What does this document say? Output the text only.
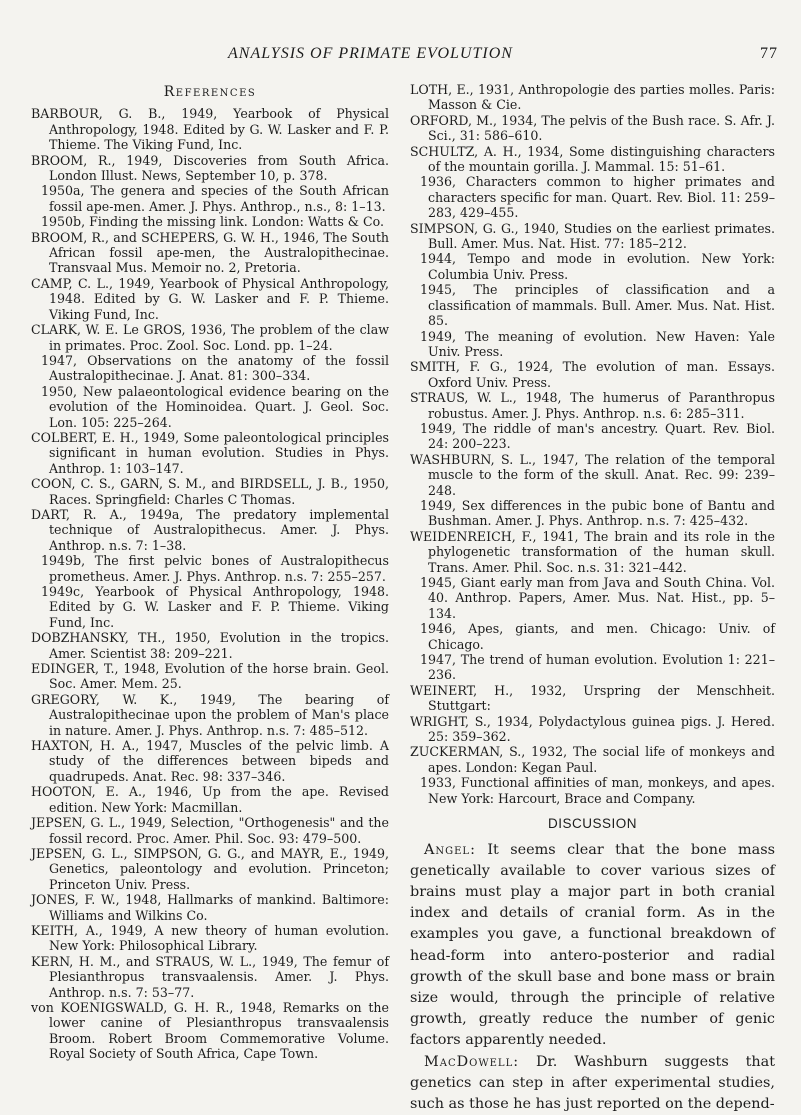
ANALYSIS OF PRIMATE EVOLUTION	77
References

BARBOUR, G. B., 1949, Yearbook of Physical Anthropology, 1948. Edited by G. W. Lasker and F. P. Thieme. The Viking Fund, Inc.

BROOM, R., 1949, Discoveries from South Africa. London Illust. News, September 10, p. 378.

1950a, The genera and species of the South African fossil ape-men. Amer. J. Phys. Anthrop., n.s., 8: 1–13.

1950b, Finding the missing link. London: Watts & Co.

BROOM, R., and SCHEPERS, G. W. H., 1946, The South African fossil ape-men, the Australopithecinae. Transvaal Mus. Memoir no. 2, Pretoria.

CAMP, C. L., 1949, Yearbook of Physical Anthropology, 1948. Edited by G. W. Lasker and F. P. Thieme. Viking Fund, Inc.

CLARK, W. E. Le GROS, 1936, The problem of the claw in primates. Proc. Zool. Soc. Lond. pp. 1–24.

1947, Observations on the anatomy of the fossil Australopithecinae. J. Anat. 81: 300–334.

1950, New palaeontological evidence bearing on the evolution of the Hominoidea. Quart. J. Geol. Soc. Lon. 105: 225–264.

COLBERT, E. H., 1949, Some paleontological principles significant in human evolution. Studies in Phys. Anthrop. 1: 103–147.

COON, C. S., GARN, S. M., and BIRDSELL, J. B., 1950, Races. Springfield: Charles C Thomas.

DART, R. A., 1949a, The predatory implemental technique of Australopithecus. Amer. J. Phys. Anthrop. n.s. 7: 1–38.

1949b, The first pelvic bones of Australopithecus prometheus. Amer. J. Phys. Anthrop. n.s. 7: 255–257.

1949c, Yearbook of Physical Anthropology, 1948. Edited by G. W. Lasker and F. P. Thieme. Viking Fund, Inc.

DOBZHANSKY, TH., 1950, Evolution in the tropics. Amer. Scientist 38: 209–221.

EDINGER, T., 1948, Evolution of the horse brain. Geol. Soc. Amer. Mem. 25.

GREGORY, W. K., 1949, The bearing of Australopithecinae upon the problem of Man's place in nature. Amer. J. Phys. Anthrop. n.s. 7: 485–512.

HAXTON, H. A., 1947, Muscles of the pelvic limb. A study of the differences between bipeds and quadrupeds. Anat. Rec. 98: 337–346.

HOOTON, E. A., 1946, Up from the ape. Revised edition. New York: Macmillan.

JEPSEN, G. L., 1949, Selection, "Orthogenesis" and the fossil record. Proc. Amer. Phil. Soc. 93: 479–500.

JEPSEN, G. L., SIMPSON, G. G., and MAYR, E., 1949, Genetics, paleontology and evolution. Princeton; Princeton Univ. Press.

JONES, F. W., 1948, Hallmarks of mankind. Baltimore: Williams and Wilkins Co.

KEITH, A., 1949, A new theory of human evolution. New York: Philosophical Library.

KERN, H. M., and STRAUS, W. L., 1949, The femur of Plesianthropus transvaalensis. Amer. J. Phys. Anthrop. n.s. 7: 53–77.

von KOENIGSWALD, G. H. R., 1948, Remarks on the lower canine of Plesianthropus transvaalensis Broom. Robert Broom Commemorative Volume. Royal Society of South Africa, Cape Town.

LOTH, E., 1931, Anthropologie des parties molles. Paris: Masson & Cie.

ORFORD, M., 1934, The pelvis of the Bush race. S. Afr. J. Sci., 31: 586–610.

SCHULTZ, A. H., 1934, Some distinguishing characters of the mountain gorilla. J. Mammal. 15: 51–61.

1936, Characters common to higher primates and characters specific for man. Quart. Rev. Biol. 11: 259–283, 429–455.

SIMPSON, G. G., 1940, Studies on the earliest primates. Bull. Amer. Mus. Nat. Hist. 77: 185–212.

1944, Tempo and mode in evolution. New York: Columbia Univ. Press.

1945, The principles of classification and a classification of mammals. Bull. Amer. Mus. Nat. Hist. 85.

1949, The meaning of evolution. New Haven: Yale Univ. Press.

SMITH, F. G., 1924, The evolution of man. Essays. Oxford Univ. Press.

STRAUS, W. L., 1948, The humerus of Paranthropus robustus. Amer. J. Phys. Anthrop. n.s. 6: 285–311.

1949, The riddle of man's ancestry. Quart. Rev. Biol. 24: 200–223.

WASHBURN, S. L., 1947, The relation of the temporal muscle to the form of the skull. Anat. Rec. 99: 239–248.

1949, Sex differences in the pubic bone of Bantu and Bushman. Amer. J. Phys. Anthrop. n.s. 7: 425–432.

WEIDENREICH, F., 1941, The brain and its role in the phylogenetic transformation of the human skull. Trans. Amer. Phil. Soc. n.s. 31: 321–442.

1945, Giant early man from Java and South China. Vol. 40. Anthrop. Papers, Amer. Mus. Nat. Hist., pp. 5–134.

1946, Apes, giants, and men. Chicago: Univ. of Chicago.

1947, The trend of human evolution. Evolution 1: 221–236.

WEINERT, H., 1932, Urspring der Menschheit. Stuttgart:

WRIGHT, S., 1934, Polydactylous guinea pigs. J. Hered. 25: 359–362.

ZUCKERMAN, S., 1932, The social life of monkeys and apes. London: Kegan Paul.

1933, Functional affinities of man, monkeys, and apes. New York: Harcourt, Brace and Company.

DISCUSSION

Angel: It seems clear that the bone mass genetically available to cover various sizes of brains must play a major part in both cranial index and details of cranial form. As in the examples you gave, a functional breakdown of head-form into antero-posterior and radial growth of the skull base and bone mass or brain size would, through the principle of relative growth, greatly reduce the number of genic factors apparently needed.

MacDowell: Dr. Washburn suggests that genetics can step in after experimental studies, such as those he has just reported on the depend-
